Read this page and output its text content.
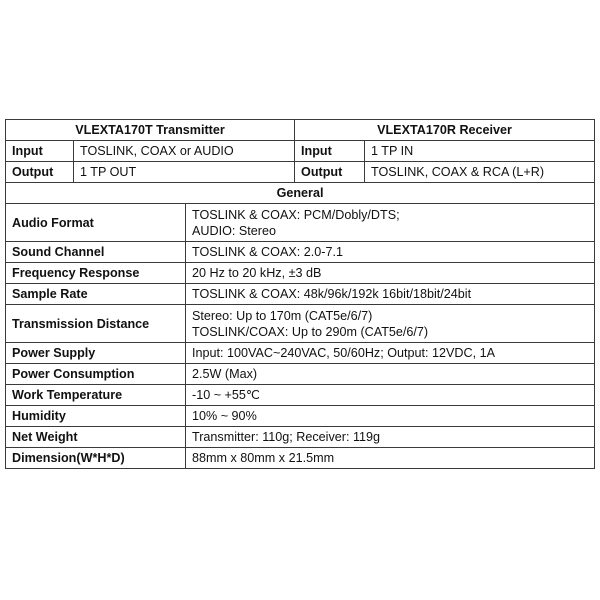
VLEXTA170T Transmitter			VLEXTA170R Receiver	
Input	TOSLINK, COAX or AUDIO		Input	1 TP IN
Output	1 TP OUT		Output	TOSLINK, COAX & RCA (L+R)
General				
Audio Format		TOSLINK & COAX: PCM/Dobly/DTS;
AUDIO: Stereo		

Sound Channel		TOSLINK & COAX: 2.0-7.1		

Frequency Response		20 Hz to 20 kHz, ±3 dB		

Sample Rate		TOSLINK & COAX: 48k/96k/192k 16bit/18bit/24bit		

Transmission Distance		Stereo: Up to 170m (CAT5e/6/7)
TOSLINK/COAX: Up to 290m (CAT5e/6/7)		

Power Supply		Input: 100VAC~240VAC, 50/60Hz; Output: 12VDC, 1A		

Power Consumption		2.5W (Max)		

Work Temperature		-10 ~ +55℃		

Humidity		10% ~ 90%		

Net Weight		Transmitter: 110g; Receiver: 119g		

Dimension(W*H*D)		88mm x 80mm x 21.5mm		
